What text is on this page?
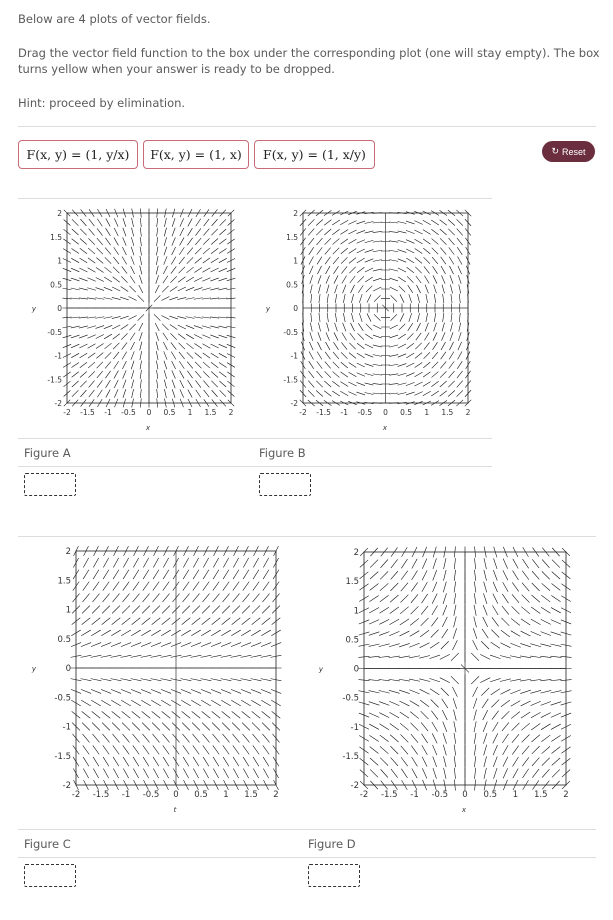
Below are 4 plots of vector fields.

Drag the vector field function to the box under the corresponding plot (one will stay empty). The box

turns yellow when your answer is ready to be dropped.

Hint: proceed by elimination.

F(x, y) = (1, y/x) F(x, y) = (1, x) F(x, y) = (1, x/y)	↻ Reset
-2 -1.5 -1 -0.5 0 0.5 1 1.5 2
2
1.5
1
0.5
0
-0.5
-1
-1.5
-2
x
y
-2 -1.5 -1 -0.5 0 0.5 1 1.5 2
2
1.5
1
0.5
0
-0.5
-1
-1.5
-2
x
y
-2 -1.5 -1 -0.5 0 0.5 1 1.5 2
2
1.5
1
0.5
0
-0.5
-1
-1.5
-2
t
y
-2 -1.5 -1 -0.5 0 0.5 1 1.5 2
2
1.5
1
0.5
0
-0.5
-1
-1.5
-2
x
y
Figure A	Figure B
Figure C	Figure D
